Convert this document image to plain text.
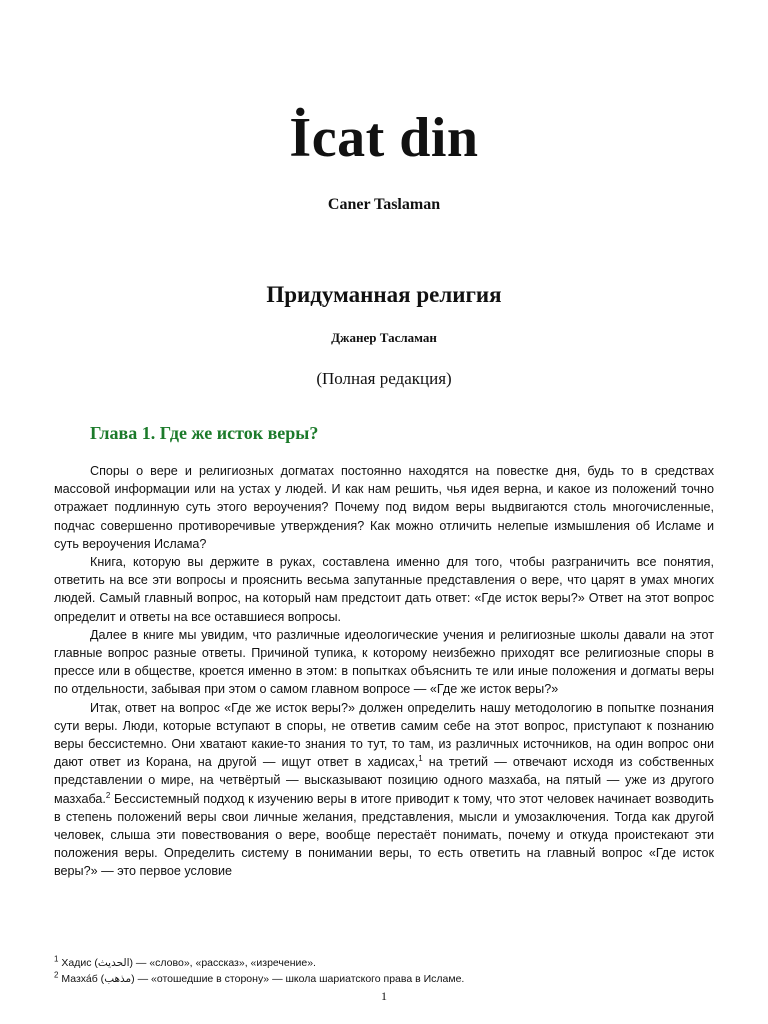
İcat din
Caner Taslaman
Придуманная религия
Джанер Тасламан
(Полная редакция)
Глава 1. Где же исток веры?

Споры о вере и религиозных догматах постоянно находятся на повестке дня, будь то в средствах массовой информации или на устах у людей. И как нам решить, чья идея верна, и какое из положений точно отражает подлинную суть этого вероучения? Почему под видом веры выдвигаются столь многочисленные, подчас совершенно противоречивые утверждения? Как можно отличить нелепые измышления об Исламе и суть вероучения Ислама?

Книга, которую вы держите в руках, составлена именно для того, чтобы разграничить все понятия, ответить на все эти вопросы и прояснить весьма запутанные представления о вере, что царят в умах многих людей. Самый главный вопрос, на который нам предстоит дать ответ: «Где исток веры?» Ответ на этот вопрос определит и ответы на все оставшиеся вопросы.

Далее в книге мы увидим, что различные идеологические учения и религиозные школы давали на этот главные вопрос разные ответы. Причиной тупика, к которому неизбежно приходят все религиозные споры в прессе или в обществе, кроется именно в этом: в попытках объяснить те или иные положения и догматы веры по отдельности, забывая при этом о самом главном вопросе — «Где же исток веры?»

Итак, ответ на вопрос «Где же исток веры?» должен определить нашу методологию в попытке познания сути веры. Люди, которые вступают в споры, не ответив самим себе на этот вопрос, приступают к познанию веры бессистемно. Они хватают какие-то знания то тут, то там, из различных источников, на один вопрос они дают ответ из Корана, на другой — ищут ответ в хадисах,$^1$ на третий — отвечают исходя из собственных представлении о мире, на четвёртый — высказывают позицию одного мазхаба, на пятый — уже из другого мазхаба.$^2$ Бессистемный подход к изучению веры в итоге приводит к тому, что этот человек начинает возводить в степень положений веры свои личные желания, представления, мысли и умозаключения. Тогда как другой человек, слыша эти повествования о вере, вообще перестаёт понимать, почему и откуда проистекают эти положения веры. Определить систему в понимании веры, то есть ответить на главный вопрос «Где исток веры?» — это первое условие

$^1$ Хадис (الحديث) — «слово», «рассказ», «изречение».
$^2$ Мазха́б (مذهب) — «отошедшие в сторону» — школа шариатского права в Исламе.
1
